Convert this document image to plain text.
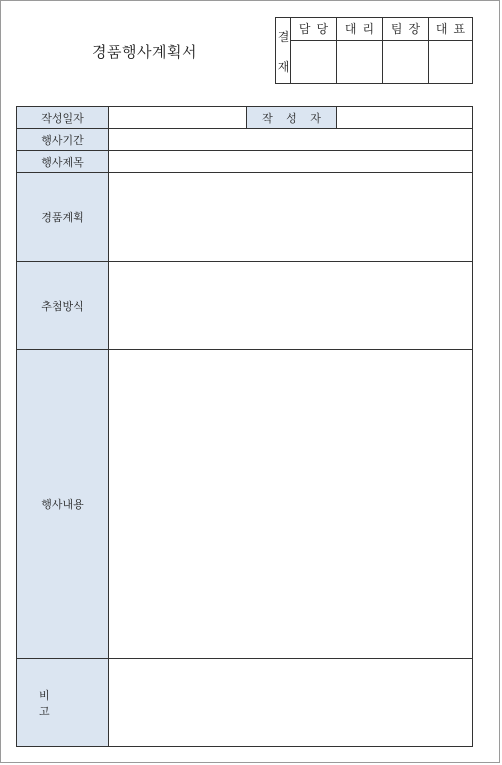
경품행사계획서
결
재
담당 대리 팀장 대표
작성일자	작 성 자
행사기간
행사제목
경품계획
추첨방식
행사내용
비 고
